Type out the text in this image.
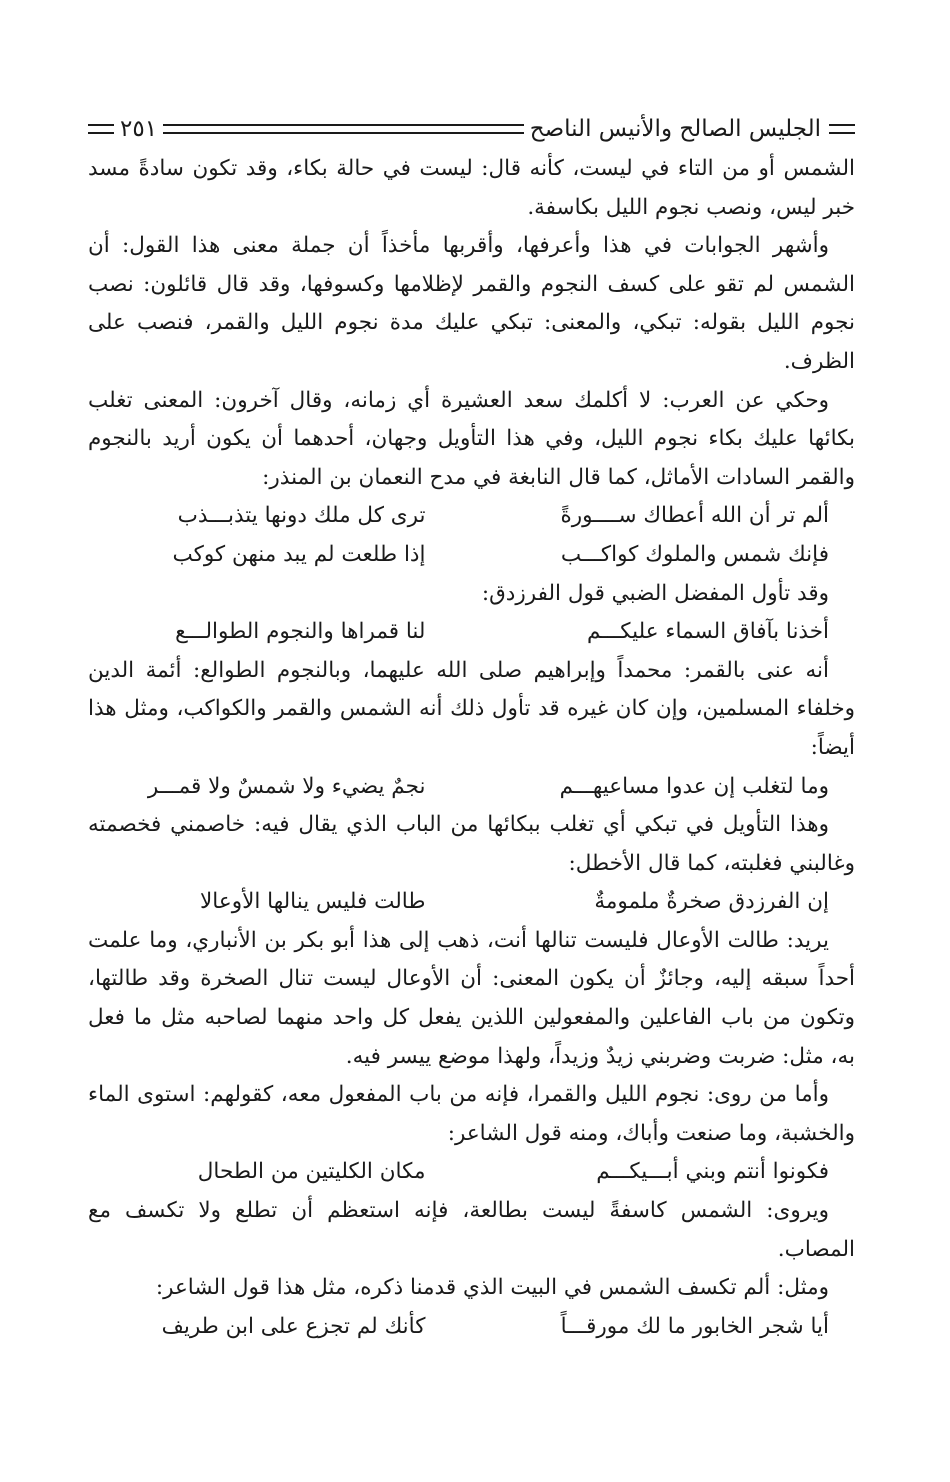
الجليس الصالح والأنيس الناصح
٢٥١

الشمس أو من التاء في ليست، كأنه قال: ليست في حالة بكاء، وقد تكون سادةً مسد خبر ليس، ونصب نجوم الليل بكاسفة.

وأشهر الجوابات في هذا وأعرفها، وأقربها مأخذاً أن جملة معنى هذا القول: أن الشمس لم تقو على كسف النجوم والقمر لإظلامها وكسوفها، وقد قال قائلون: نصب نجوم الليل بقوله: تبكي، والمعنى: تبكي عليك مدة نجوم الليل والقمر، فنصب على الظرف.

وحكي عن العرب: لا أكلمك سعد العشيرة أي زمانه، وقال آخرون: المعنى تغلب بكائها عليك بكاء نجوم الليل، وفي هذا التأويل وجهان، أحدهما أن يكون أريد بالنجوم والقمر السادات الأماثل، كما قال النابغة في مدح النعمان بن المنذر:

ألم تر أن الله أعطاك ســــورةً
ترى كل ملك دونها يتذبـــذب
فإنك شمس والملوك كواكـــب
إذا طلعت لم يبد منهن كوكب

وقد تأول المفضل الضبي قول الفرزدق:

أخذنا بآفاق السماء عليكـــم
لنا قمراها والنجوم الطوالـــع

أنه عنى بالقمر: محمداً وإبراهيم صلى الله عليهما، وبالنجوم الطوالع: أئمة الدين وخلفاء المسلمين، وإن كان غيره قد تأول ذلك أنه الشمس والقمر والكواكب، ومثل هذا أيضاً:

وما لتغلب إن عدوا مساعيهـــم
نجمٌ يضيء ولا شمسٌ ولا قمـــر

وهذا التأويل في تبكي أي تغلب ببكائها من الباب الذي يقال فيه: خاصمني فخصمته وغالبني فغلبته، كما قال الأخطل:

إن الفرزدق صخرةٌ ملمومةٌ
طالت فليس ينالها الأوعالا

يريد: طالت الأوعال فليست تنالها أنت، ذهب إلى هذا أبو بكر بن الأنباري، وما علمت أحداً سبقه إليه، وجائزٌ أن يكون المعنى: أن الأوعال ليست تنال الصخرة وقد طالتها، وتكون من باب الفاعلين والمفعولين اللذين يفعل كل واحد منهما لصاحبه مثل ما فعل به، مثل: ضربت وضربني زيدٌ وزيداً، ولهذا موضع ييسر فيه.

وأما من روى: نجوم الليل والقمرا، فإنه من باب المفعول معه، كقولهم: استوى الماء والخشبة، وما صنعت وأباك، ومنه قول الشاعر:

فكونوا أنتم وبني أبـــيكـــم
مكان الكليتين من الطحال

ويروى: الشمس كاسفةً ليست بطالعة، فإنه استعظم أن تطلع ولا تكسف مع المصاب.

ومثل: ألم تكسف الشمس في البيت الذي قدمنا ذكره، مثل هذا قول الشاعر:

أيا شجر الخابور ما لك مورقـــاً
كأنك لم تجزع على ابن طريف
